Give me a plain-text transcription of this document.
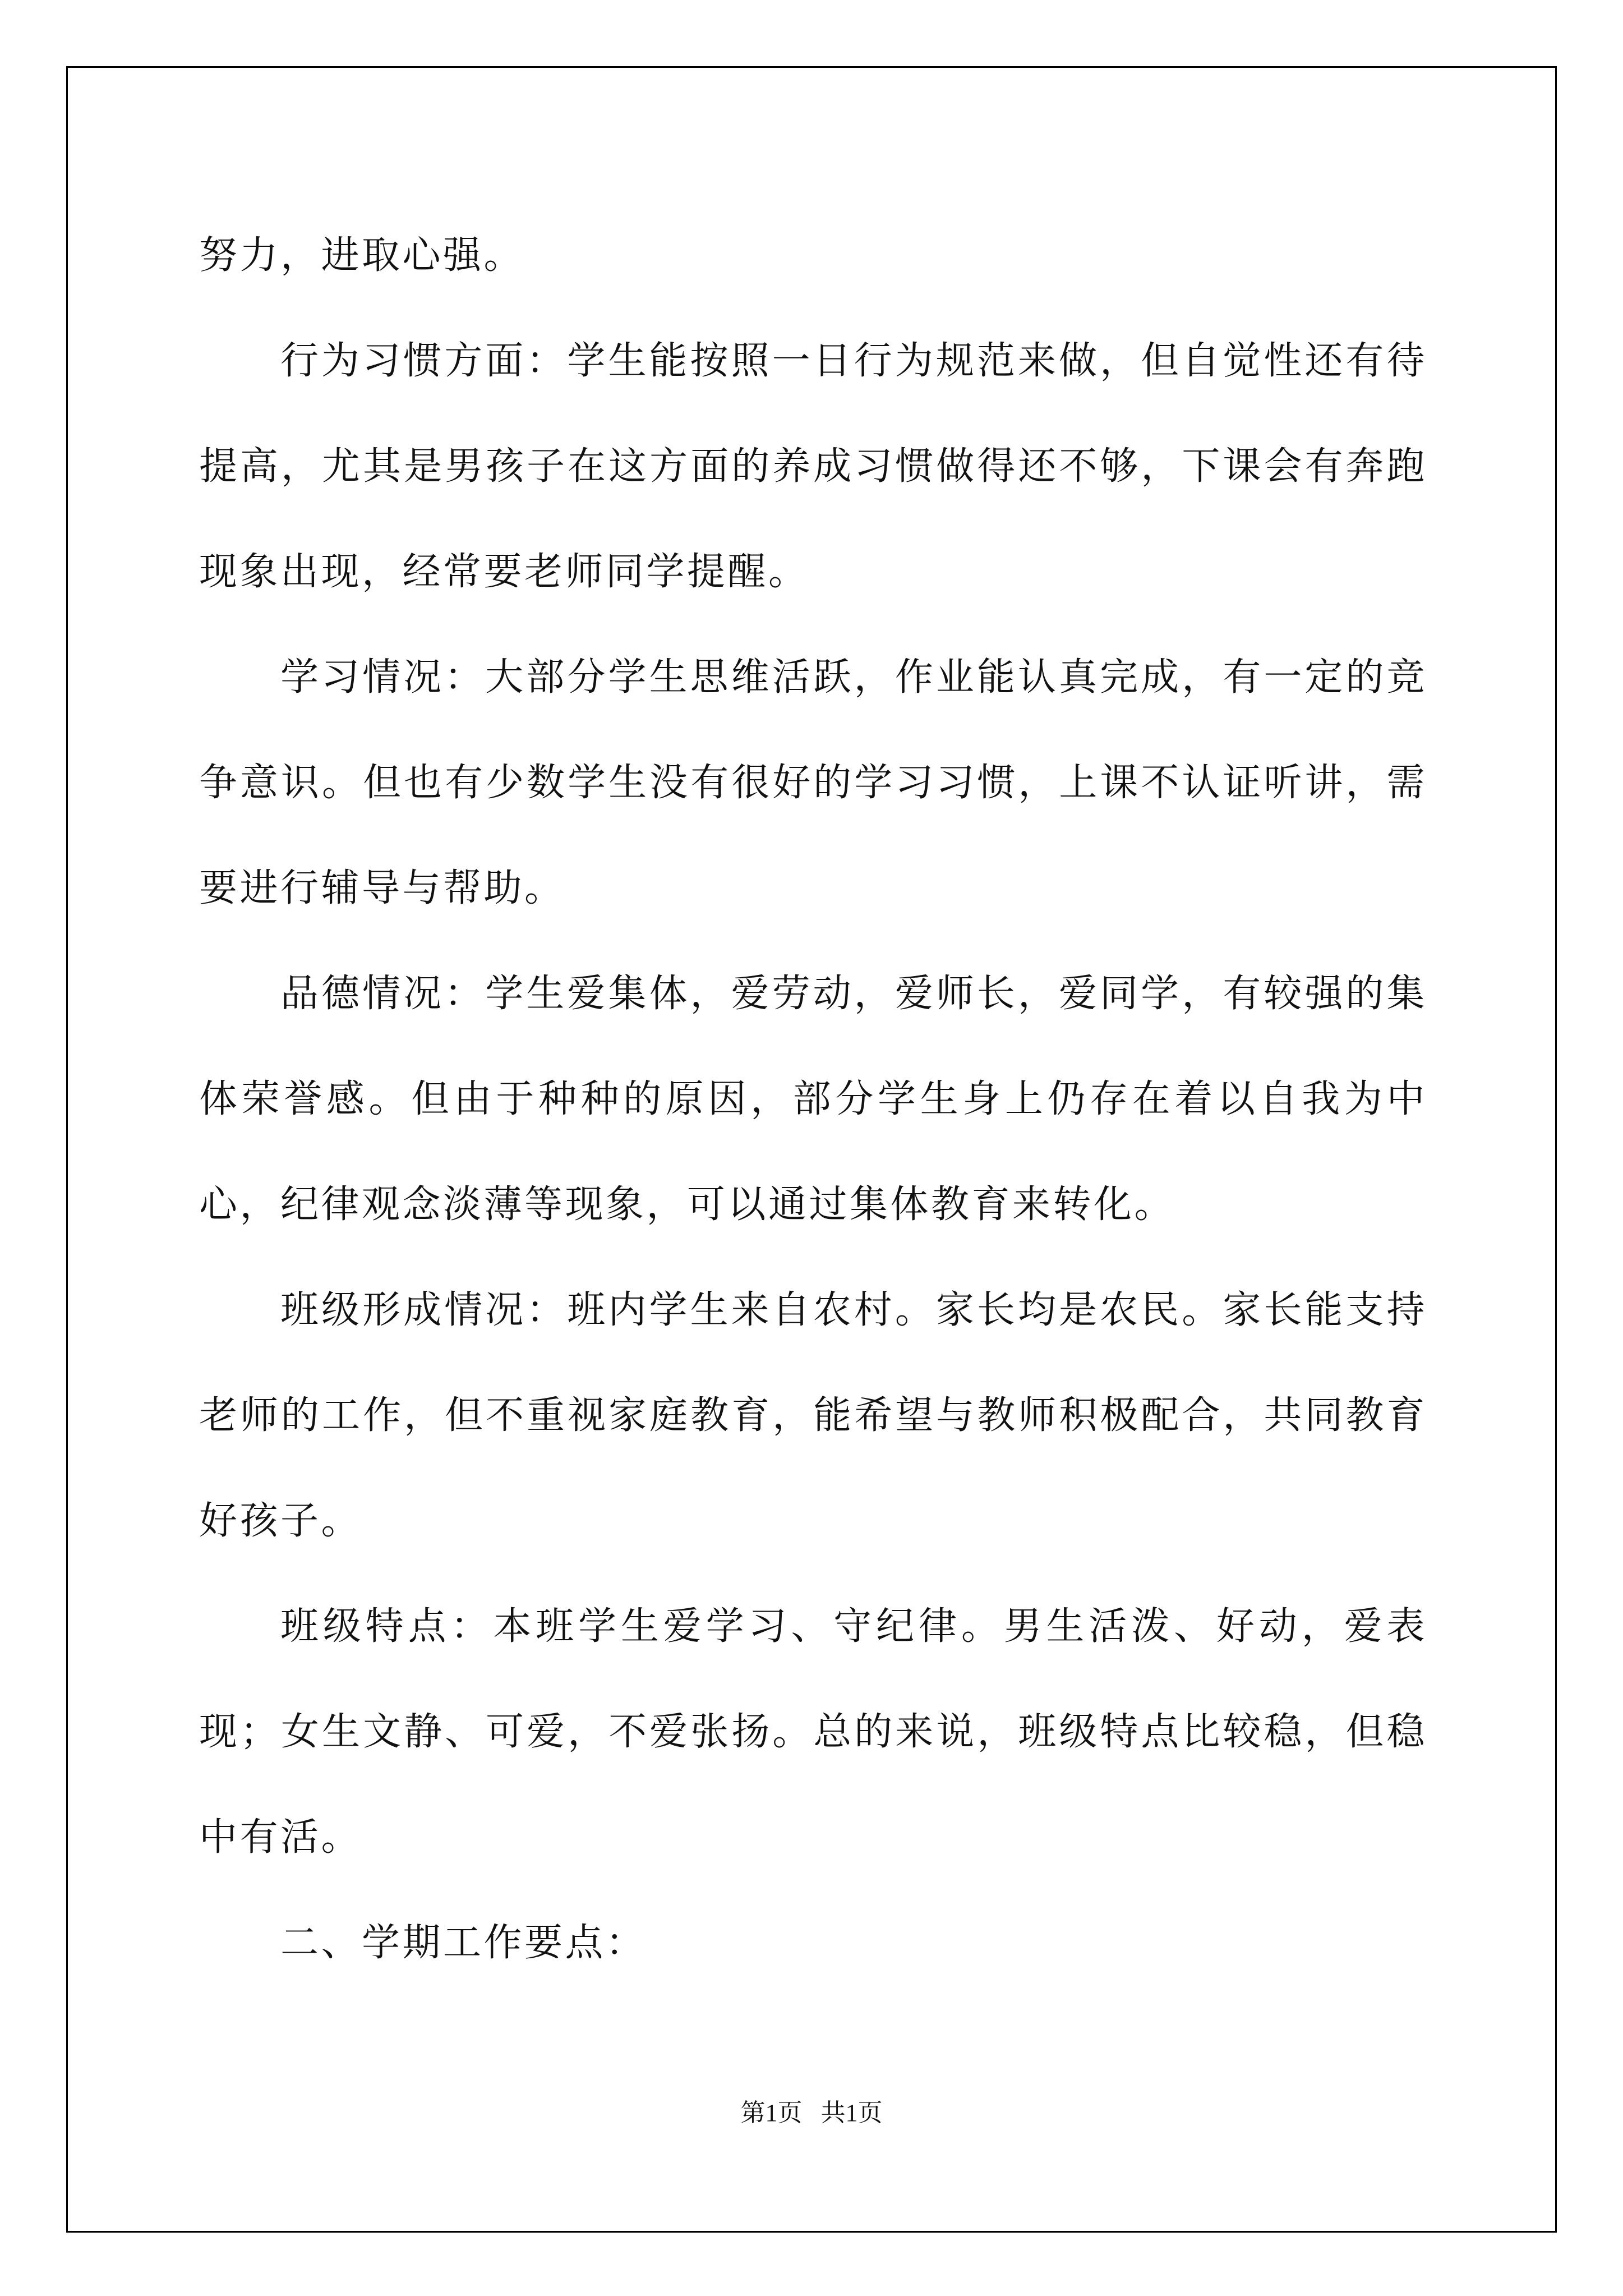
努力，进取心强。

行为习惯方面：学生能按照一日行为规范来做，但自觉性还有待提高，尤其是男孩子在这方面的养成习惯做得还不够，下课会有奔跑现象出现，经常要老师同学提醒。

学习情况：大部分学生思维活跃，作业能认真完成，有一定的竞争意识。但也有少数学生没有很好的学习习惯，上课不认证听讲，需要进行辅导与帮助。

品德情况：学生爱集体，爱劳动，爱师长，爱同学，有较强的集体荣誉感。但由于种种的原因，部分学生身上仍存在着以自我为中心，纪律观念淡薄等现象，可以通过集体教育来转化。

班级形成情况：班内学生来自农村。家长均是农民。家长能支持老师的工作，但不重视家庭教育，能希望与教师积极配合，共同教育好孩子。

班级特点：本班学生爱学习、守纪律。男生活泼、好动，爱表现；女生文静、可爱，不爱张扬。总的来说，班级特点比较稳，但稳中有活。

二、学期工作要点：

第1页   共1页
